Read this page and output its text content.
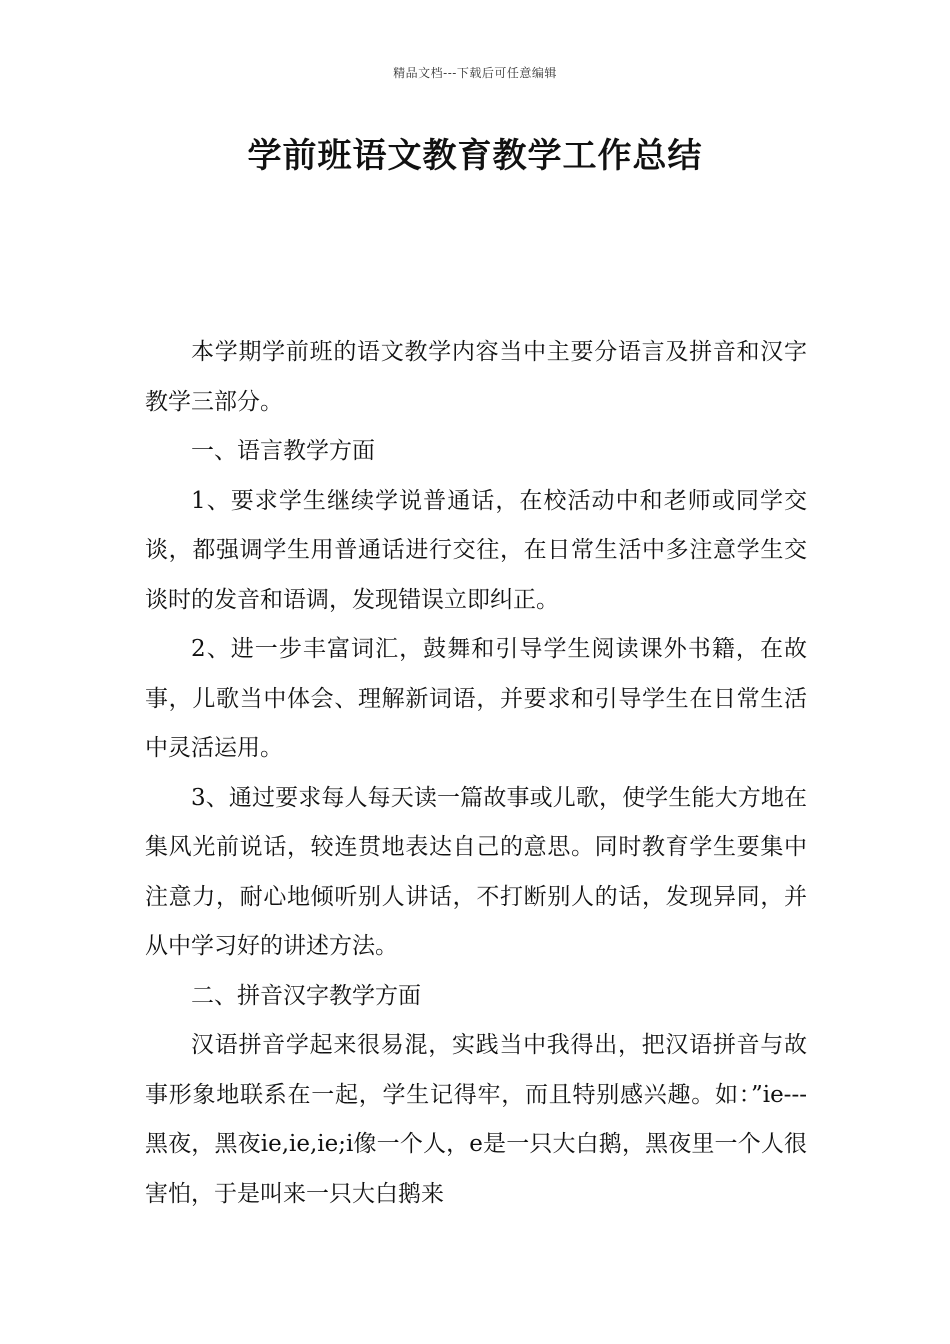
精品文档---下载后可任意编辑
学前班语文教育教学工作总结

本学期学前班的语文教学内容当中主要分语言及拼音和汉字教学三部分。

一、语言教学方面

1、要求学生继续学说普通话，在校活动中和老师或同学交谈，都强调学生用普通话进行交往，在日常生活中多注意学生交谈时的发音和语调，发现错误立即纠正。

2、进一步丰富词汇，鼓舞和引导学生阅读课外书籍，在故事，儿歌当中体会、理解新词语，并要求和引导学生在日常生活中灵活运用。

3、通过要求每人每天读一篇故事或儿歌，使学生能大方地在集风光前说话，较连贯地表达自己的意思。同时教育学生要集中注意力，耐心地倾听别人讲话，不打断别人的话，发现异同，并从中学习好的讲述方法。

二、拼音汉字教学方面

汉语拼音学起来很易混，实践当中我得出，把汉语拼音与故事形象地联系在一起，学生记得牢，而且特别感兴趣。如：”ie---黑夜，黑夜ie,ie,ie;i像一个人，e是一只大白鹅，黑夜里一个人很害怕，于是叫来一只大白鹅来
